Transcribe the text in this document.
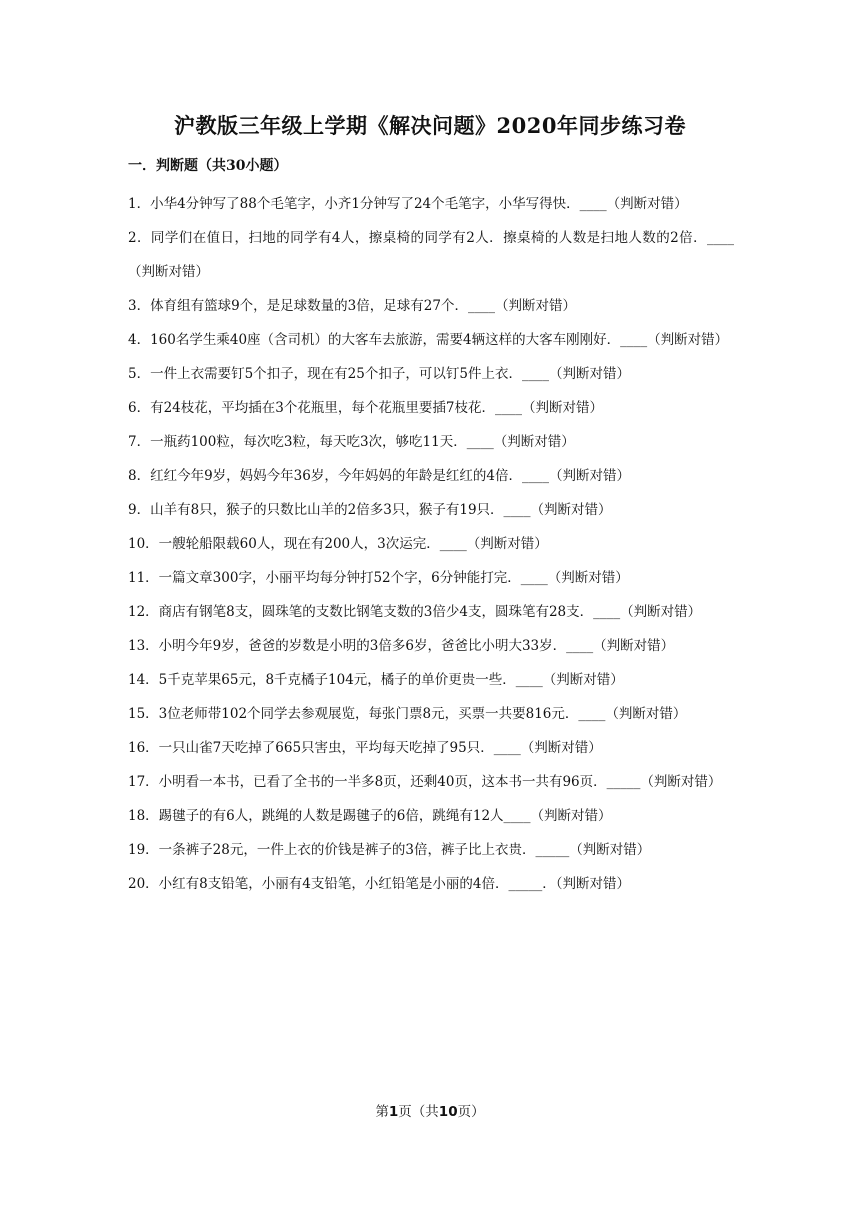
沪教版三年级上学期《解决问题》2020年同步练习卷
一．判断题（共30小题）
1．小华4分钟写了88个毛笔字，小齐1分钟写了24个毛笔字，小华写得快．____（判断对错）
2．同学们在值日，扫地的同学有4人，擦桌椅的同学有2人．擦桌椅的人数是扫地人数的2倍．____（判断对错）
3．体育组有篮球9个，是足球数量的3倍，足球有27个．____（判断对错）
4．160名学生乘40座（含司机）的大客车去旅游，需要4辆这样的大客车刚刚好．____（判断对错）
5．一件上衣需要钉5个扣子，现在有25个扣子，可以钉5件上衣．____（判断对错）
6．有24枝花，平均插在3个花瓶里，每个花瓶里要插7枝花．____（判断对错）
7．一瓶药100粒，每次吃3粒，每天吃3次，够吃11天．____（判断对错）
8．红红今年9岁，妈妈今年36岁，今年妈妈的年龄是红红的4倍．____（判断对错）
9．山羊有8只，猴子的只数比山羊的2倍多3只，猴子有19只．____（判断对错）
10．一艘轮船限载60人，现在有200人，3次运完．____（判断对错）
11．一篇文章300字，小丽平均每分钟打52个字，6分钟能打完．____（判断对错）
12．商店有钢笔8支，圆珠笔的支数比钢笔支数的3倍少4支，圆珠笔有28支．____（判断对错）
13．小明今年9岁，爸爸的岁数是小明的3倍多6岁，爸爸比小明大33岁．____（判断对错）
14．5千克苹果65元，8千克橘子104元，橘子的单价更贵一些．____（判断对错）
15．3位老师带102个同学去参观展览，每张门票8元，买票一共要816元．____（判断对错）
16．一只山雀7天吃掉了665只害虫，平均每天吃掉了95只．____（判断对错）
17．小明看一本书，已看了全书的一半多8页，还剩40页，这本书一共有96页．_____（判断对错）
18．踢毽子的有6人，跳绳的人数是踢毽子的6倍，跳绳有12人____（判断对错）
19．一条裤子28元，一件上衣的价钱是裤子的3倍，裤子比上衣贵．_____（判断对错）
20．小红有8支铅笔，小丽有4支铅笔，小红铅笔是小丽的4倍．_____．（判断对错）
第1页（共10页）
